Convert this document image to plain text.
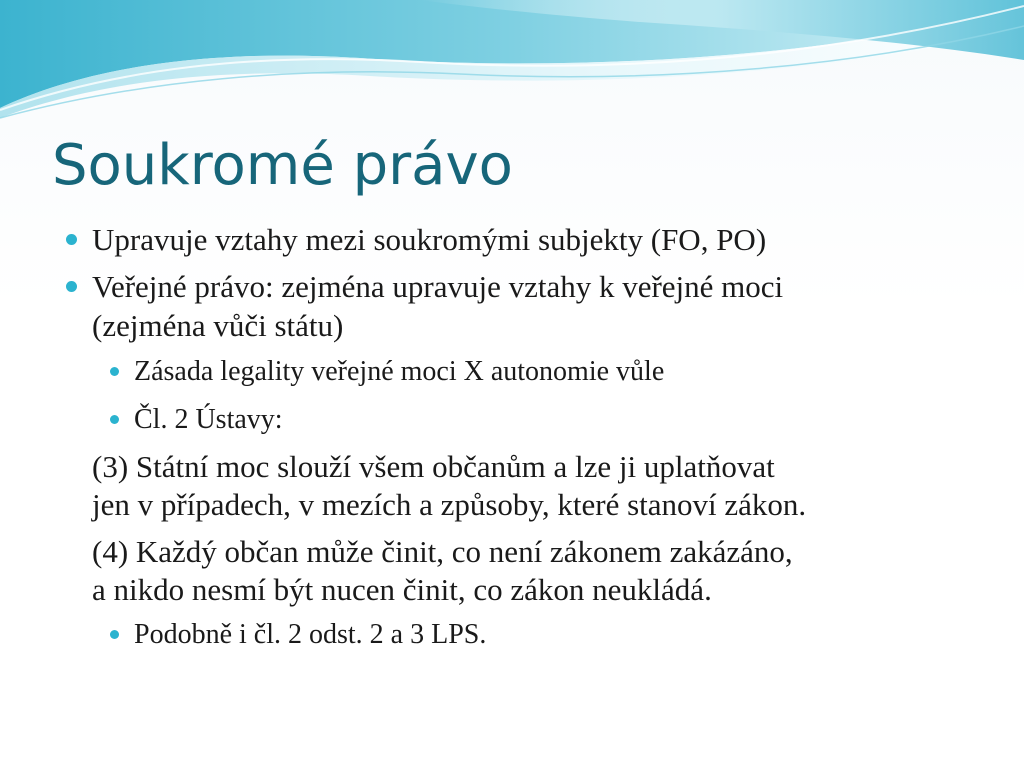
Soukromé právo
Upravuje vztahy mezi soukromými subjekty (FO, PO)
Veřejné právo: zejména upravuje vztahy k veřejné moci
(zejména vůči státu)
Zásada legality veřejné moci X autonomie vůle
Čl. 2 Ústavy:
(3) Státní moc slouží všem občanům a lze ji uplatňovat
jen v případech, v mezích a způsoby, které stanoví zákon.
(4) Každý občan může činit, co není zákonem zakázáno,
a nikdo nesmí být nucen činit, co zákon neukládá.
Podobně i čl. 2 odst. 2 a 3 LPS.
